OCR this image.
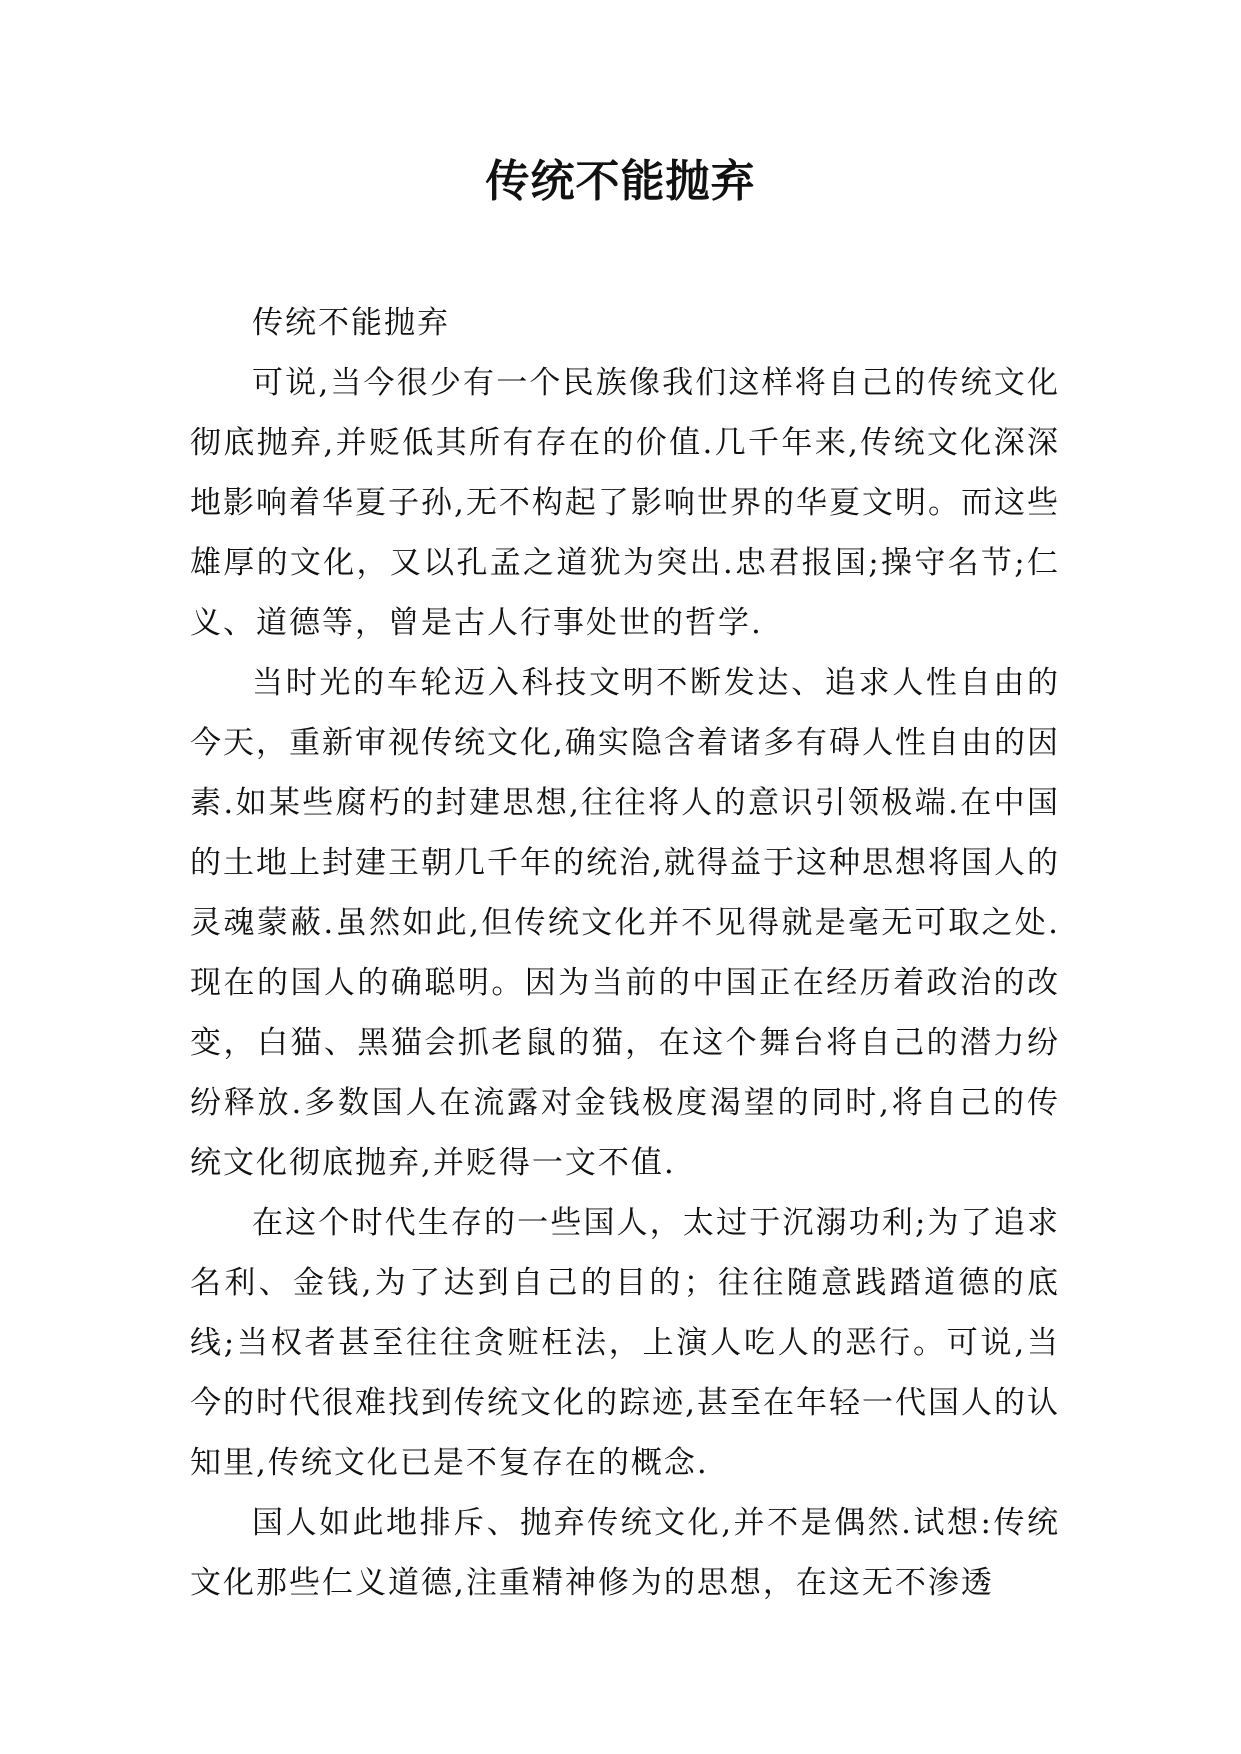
传统不能抛弃

传统不能抛弃

可说,当今很少有一个民族像我们这样将自己的传统文化彻底抛弃,并贬低其所有存在的价值.几千年来,传统文化深深地影响着华夏子孙,无不构起了影响世界的华夏文明。而这些雄厚的文化，又以孔孟之道犹为突出.忠君报国;操守名节;仁义、道德等，曾是古人行事处世的哲学.

当时光的车轮迈入科技文明不断发达、追求人性自由的今天，重新审视传统文化,确实隐含着诸多有碍人性自由的因素.如某些腐朽的封建思想,往往将人的意识引领极端.在中国的土地上封建王朝几千年的统治,就得益于这种思想将国人的灵魂蒙蔽.虽然如此,但传统文化并不见得就是毫无可取之处.现在的国人的确聪明。因为当前的中国正在经历着政治的改变，白猫、黑猫会抓老鼠的猫，在这个舞台将自己的潜力纷纷释放.多数国人在流露对金钱极度渴望的同时,将自己的传统文化彻底抛弃,并贬得一文不值.

在这个时代生存的一些国人，太过于沉溺功利;为了追求名利、金钱,为了达到自己的目的；往往随意践踏道德的底线;当权者甚至往往贪赃枉法，上演人吃人的恶行。可说,当今的时代很难找到传统文化的踪迹,甚至在年轻一代国人的认知里,传统文化已是不复存在的概念.

国人如此地排斥、抛弃传统文化,并不是偶然.试想:传统文化那些仁义道德,注重精神修为的思想，在这无不渗透
